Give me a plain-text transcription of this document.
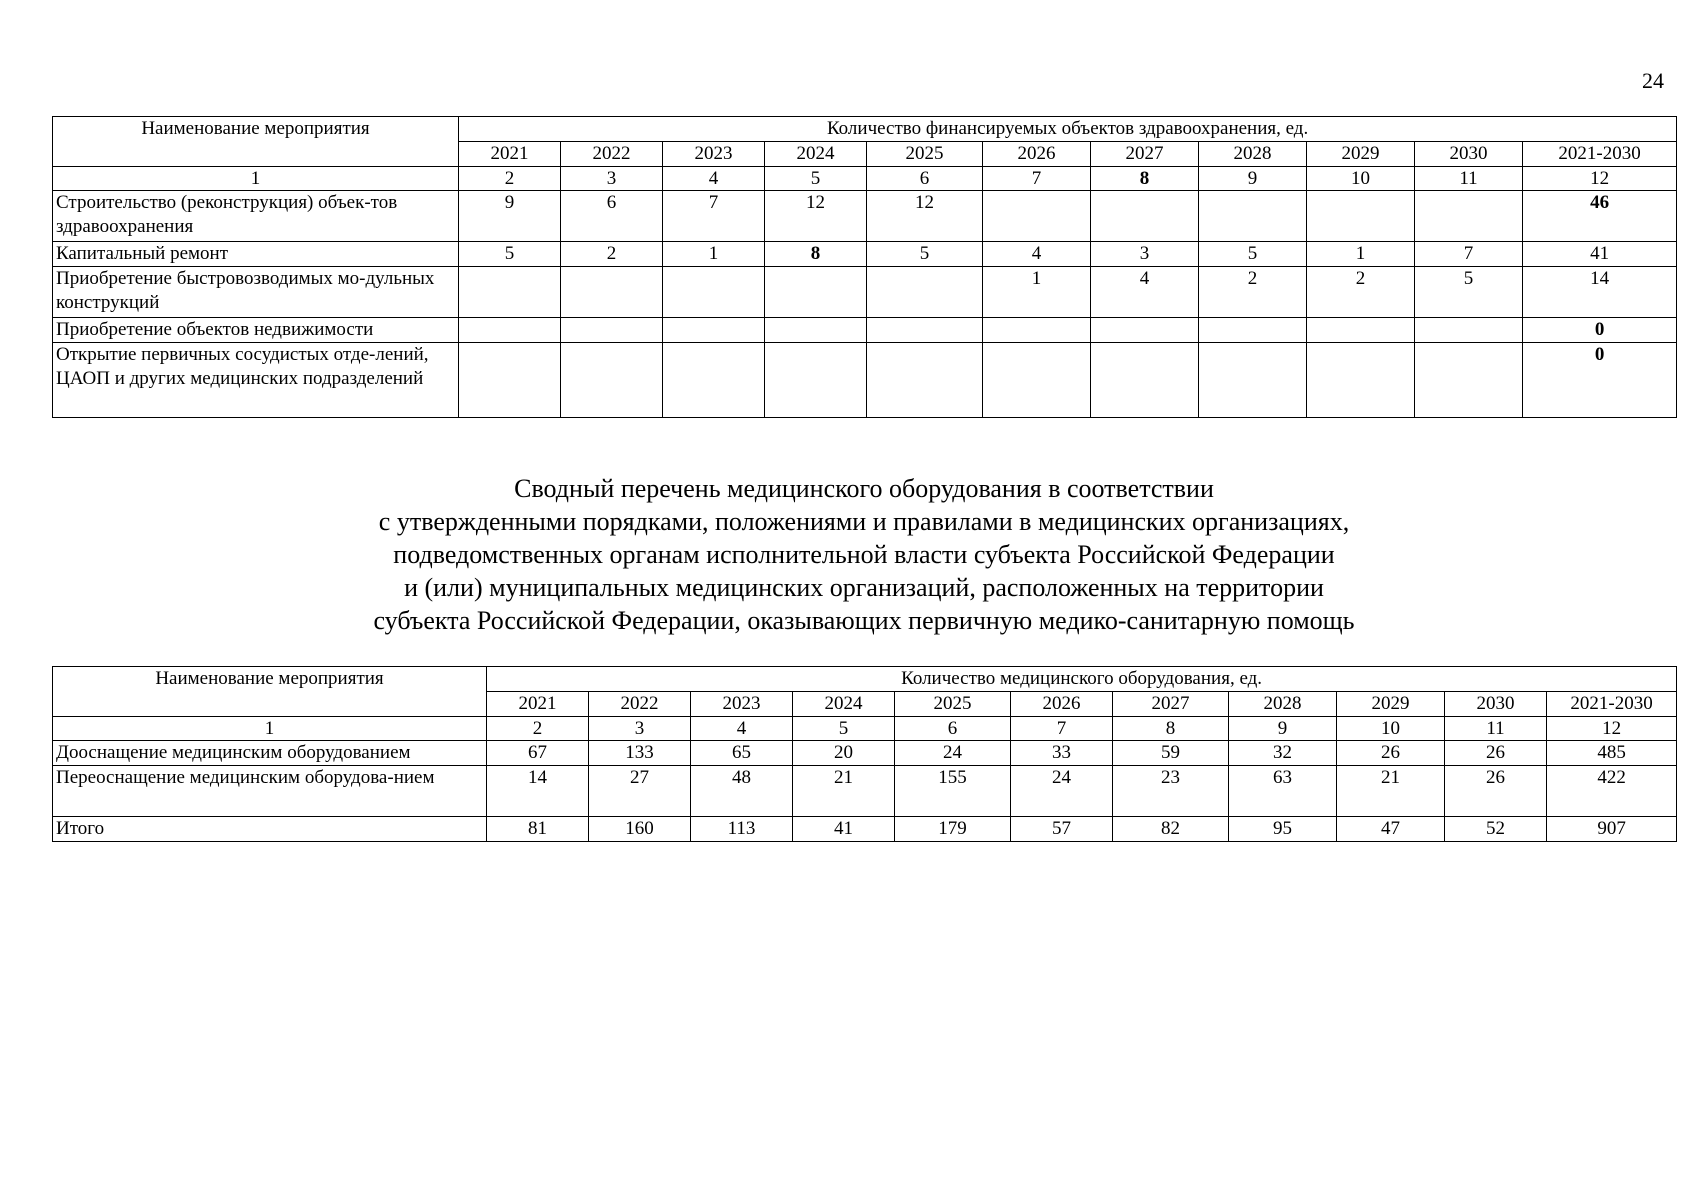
24
Наименование мероприятия	Количество финансируемых объектов здравоохранения, ед.										
	2021	2022	2023	2024	2025	2026	2027	2028	2029	2030	2021-2030
1	2	3	4	5	6	7	8	9	10	11	12
Строительство (реконструкция) объек-тов здравоохранения	9	6	7	12	12						46
Капитальный ремонт	5	2	1	8	5	4	3	5	1	7	41
Приобретение быстровозводимых мо-дульных конструкций						1	4	2	2	5	14
Приобретение объектов недвижимости											0
Открытие первичных сосудистых отде-лений, ЦАОП и других медицинских подразделений											0
Сводный перечень медицинского оборудования в соответствии
с утвержденными порядками, положениями и правилами в медицинских организациях,
подведомственных органам исполнительной власти субъекта Российской Федерации
и (или) муниципальных медицинских организаций, расположенных на территории
субъекта Российской Федерации, оказывающих первичную медико-санитарную помощь
Наименование мероприятия	Количество медицинского оборудования, ед.										
	2021	2022	2023	2024	2025	2026	2027	2028	2029	2030	2021-2030
1	2	3	4	5	6	7	8	9	10	11	12
Дооснащение медицинским оборудованием	67	133	65	20	24	33	59	32	26	26	485
Переоснащение медицинским оборудова-нием	14	27	48	21	155	24	23	63	21	26	422
Итого	81	160	113	41	179	57	82	95	47	52	907
